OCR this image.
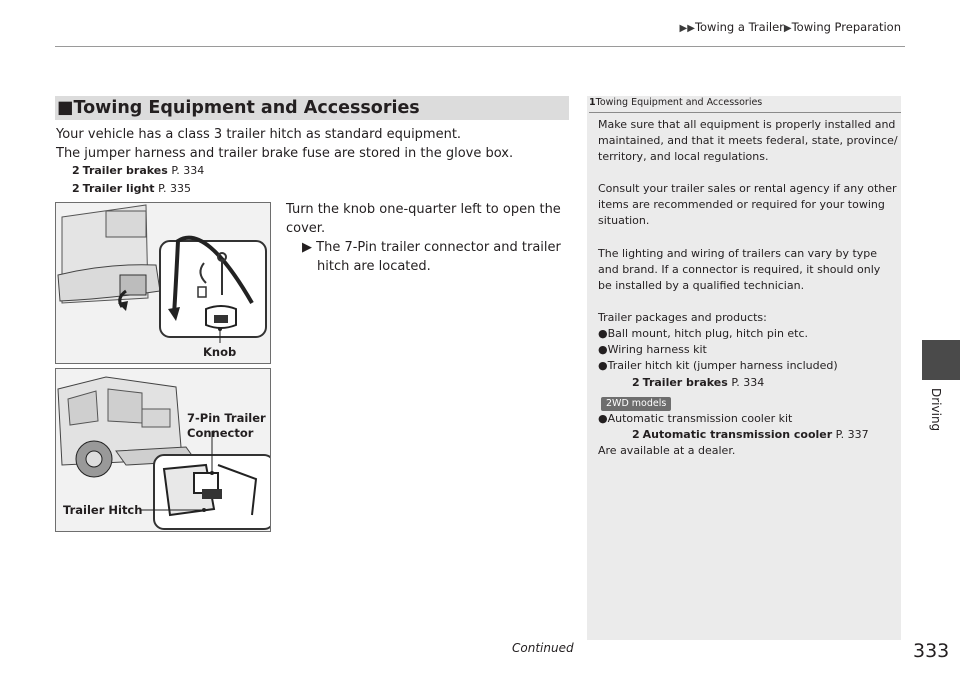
▶▶Towing a Trailer▶Towing Preparation
■Towing Equipment and Accessories
Your vehicle has a class 3 trailer hitch as standard equipment.
The jumper harness and trailer brake fuse are stored in the glove box.
2 Trailer brakes P. 334
2 Trailer light P. 335
Knob
Turn the knob one-quarter left to open the
cover.
▶ The 7-Pin trailer connector and trailer
hitch are located.
7-Pin Trailer
Connector
Trailer Hitch
1Towing Equipment and Accessories
Make sure that all equipment is properly installed and
maintained, and that it meets federal, state, province/
territory, and local regulations.
Consult your trailer sales or rental agency if any other
items are recommended or required for your towing
situation.
The lighting and wiring of trailers can vary by type
and brand. If a connector is required, it should only
be installed by a qualified technician.
Trailer packages and products:
●Ball mount, hitch plug, hitch pin etc.
●Wiring harness kit
●Trailer hitch kit (jumper harness included)
2 Trailer brakes P. 334
2WD models
●Automatic transmission cooler kit
2 Automatic transmission cooler P. 337
Are available at a dealer.
Driving
Continued	333
